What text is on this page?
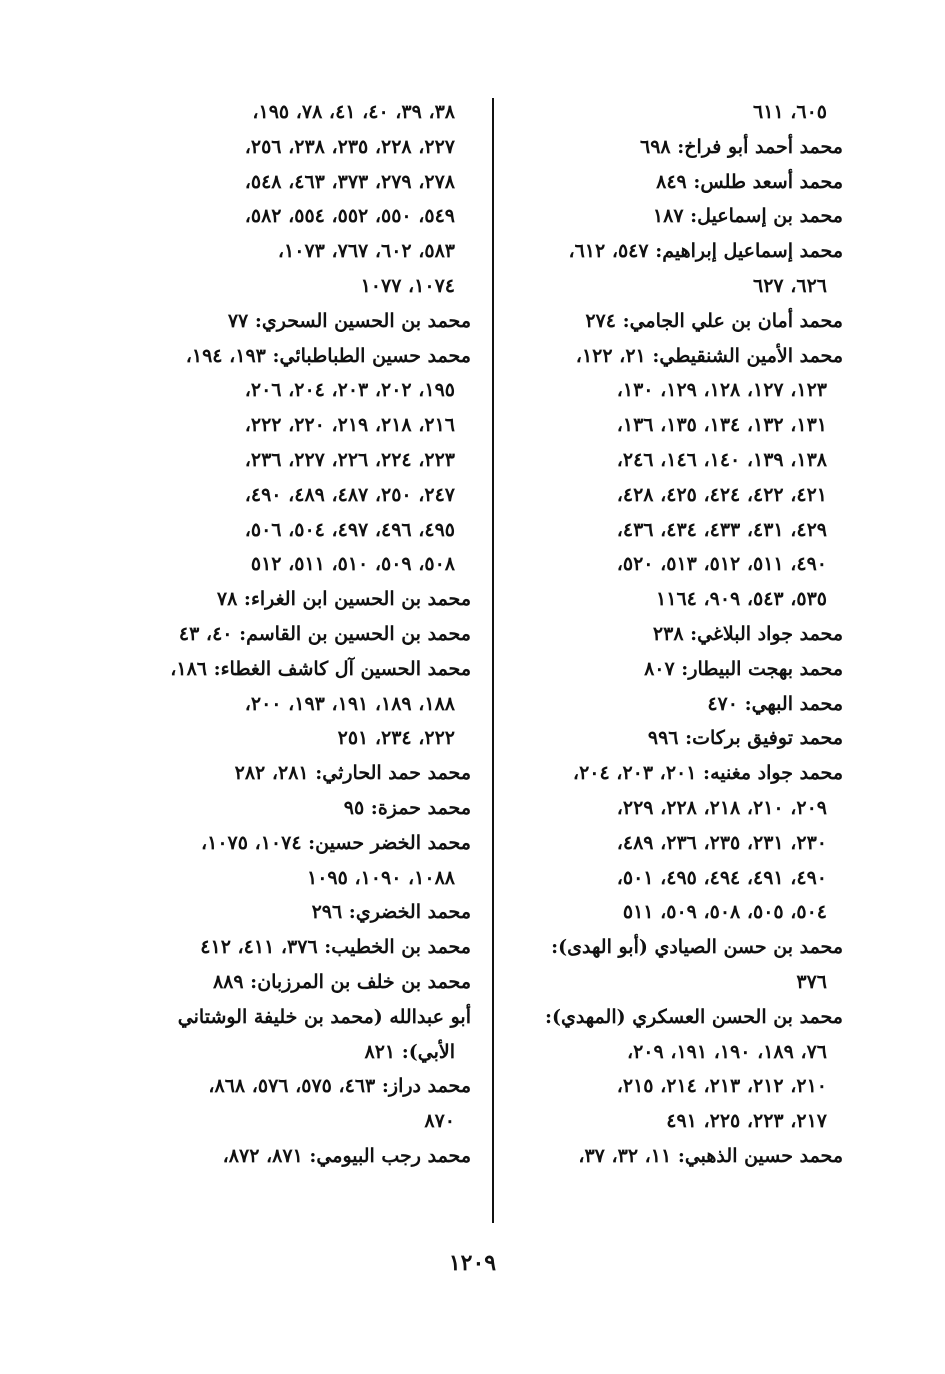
٦٠٥، ٦١١
محمد أحمد أبو فراخ: ٦٩٨
محمد أسعد طلس: ٨٤٩
محمد بن إسماعيل: ١٨٧
محمد إسماعيل إبراهيم: ٥٤٧، ٦١٢،
٦٢٦، ٦٢٧
محمد أمان بن علي الجامي: ٢٧٤
محمد الأمين الشنقيطي: ٢١، ١٢٢،
١٢٣، ١٢٧، ١٢٨، ١٢٩، ١٣٠،
١٣١، ١٣٢، ١٣٤، ١٣٥، ١٣٦،
١٣٨، ١٣٩، ١٤٠، ١٤٦، ٢٤٦،
٤٢١، ٤٢٢، ٤٢٤، ٤٢٥، ٤٢٨،
٤٢٩، ٤٣١، ٤٣٣، ٤٣٤، ٤٣٦،
٤٩٠، ٥١١، ٥١٢، ٥١٣، ٥٢٠،
٥٣٥، ٥٤٣، ٩٠٩، ١١٦٤
محمد جواد البلاغي: ٢٣٨
محمد بهجت البيطار: ٨٠٧
محمد البهي: ٤٧٠
محمد توفيق بركات: ٩٩٦
محمد جواد مغنيه: ٢٠١، ٢٠٣، ٢٠٤،
٢٠٩، ٢١٠، ٢١٨، ٢٢٨، ٢٢٩،
٢٣٠، ٢٣١، ٢٣٥، ٢٣٦، ٤٨٩،
٤٩٠، ٤٩١، ٤٩٤، ٤٩٥، ٥٠١،
٥٠٤، ٥٠٥، ٥٠٨، ٥٠٩، ٥١١
محمد بن حسن الصيادي (أبو الهدى):
٣٧٦
محمد بن الحسن العسكري (المهدي):
٧٦، ١٨٩، ١٩٠، ١٩١، ٢٠٩،
٢١٠، ٢١٢، ٢١٣، ٢١٤، ٢١٥،
٢١٧، ٢٢٣، ٢٢٥، ٤٩١
محمد حسين الذهبي: ١١، ٣٢، ٣٧،
٣٨، ٣٩، ٤٠، ٤١، ٧٨، ١٩٥،
٢٢٧، ٢٢٨، ٢٣٥، ٢٣٨، ٢٥٦،
٢٧٨، ٢٧٩، ٣٧٣، ٤٦٣، ٥٤٨،
٥٤٩، ٥٥٠، ٥٥٢، ٥٥٤، ٥٨٢،
٥٨٣، ٦٠٢، ٧٦٧، ١٠٧٣،
١٠٧٤، ١٠٧٧
محمد بن الحسين السحري: ٧٧
محمد حسين الطباطبائي: ١٩٣، ١٩٤،
١٩٥، ٢٠٢، ٢٠٣، ٢٠٤، ٢٠٦،
٢١٦، ٢١٨، ٢١٩، ٢٢٠، ٢٢٢،
٢٢٣، ٢٢٤، ٢٢٦، ٢٢٧، ٢٣٦،
٢٤٧، ٢٥٠، ٤٨٧، ٤٨٩، ٤٩٠،
٤٩٥، ٤٩٦، ٤٩٧، ٥٠٤، ٥٠٦،
٥٠٨، ٥٠٩، ٥١٠، ٥١١، ٥١٢
محمد بن الحسين ابن الغراء: ٧٨
محمد بن الحسين بن القاسم: ٤٠، ٤٣
محمد الحسين آل كاشف الغطاء: ١٨٦،
١٨٨، ١٨٩، ١٩١، ١٩٣، ٢٠٠،
٢٢٢، ٢٣٤، ٢٥١
محمد حمد الحارثي: ٢٨١، ٢٨٢
محمد حمزة: ٩٥
محمد الخضر حسين: ١٠٧٤، ١٠٧٥،
١٠٨٨، ١٠٩٠، ١٠٩٥
محمد الخضري: ٢٩٦
محمد بن الخطيب: ٣٧٦، ٤١١، ٤١٢
محمد بن خلف بن المرزبان: ٨٨٩
أبو عبدالله (محمد بن خليفة الوشتاني
الأبي): ٨٢١
محمد دراز: ٤٦٣، ٥٧٥، ٥٧٦، ٨٦٨،
٨٧٠
محمد رجب البيومي: ٨٧١، ٨٧٢،
١٢٠٩
